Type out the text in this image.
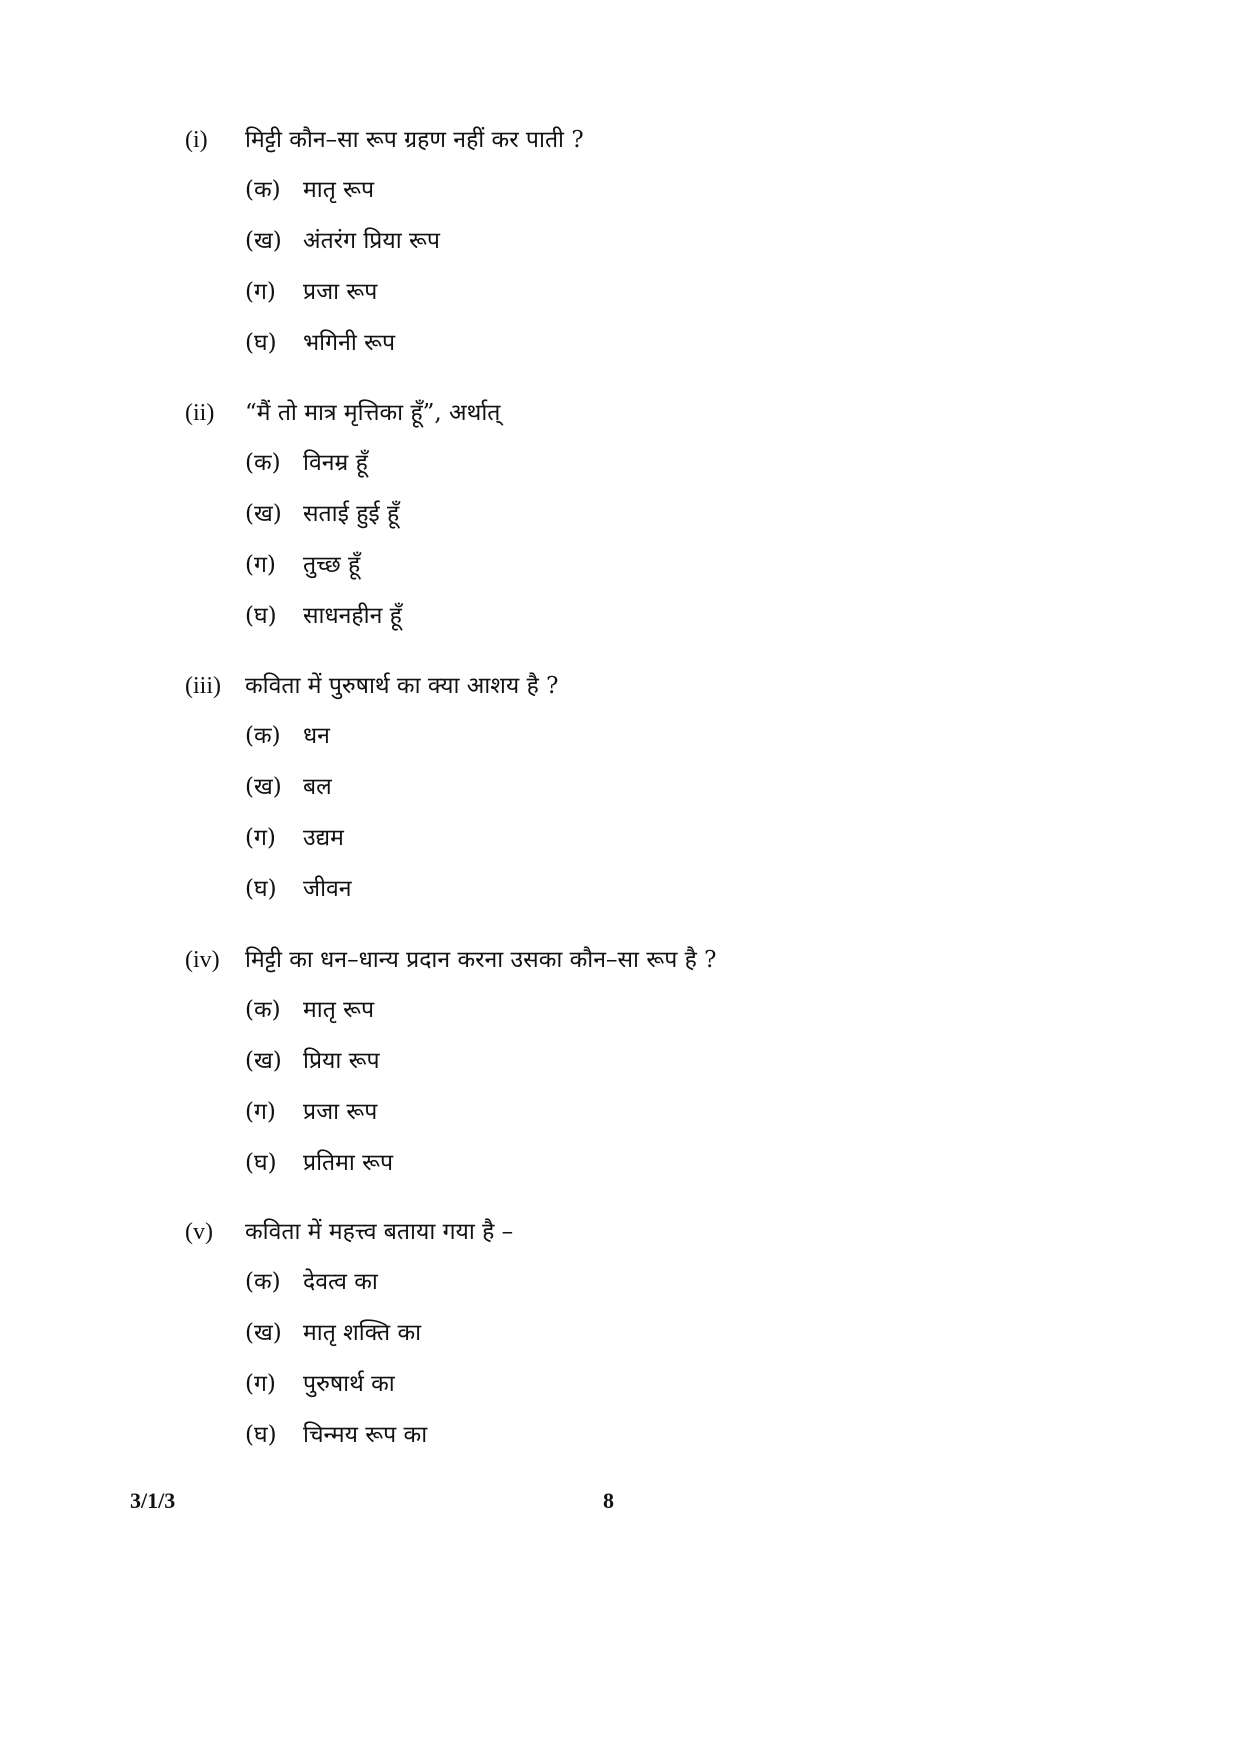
(i)	मिट्टी कौन–सा रूप ग्रहण नहीं कर पाती ?
(क) मातृ रूप
(ख) अंतरंग प्रिया रूप
(ग)	प्रजा रूप
(घ)	भगिनी रूप
(ii)	“मैं तो मात्र मृत्तिका हूँ”, अर्थात्
(क) विनम्र हूँ
(ख) सताई हुई हूँ
(ग)	तुच्छ हूँ
(घ)	साधनहीन हूँ
(iii)	कविता में पुरुषार्थ का क्या आशय है ?
(क) धन
(ख) बल
(ग)	उद्यम
(घ)	जीवन
(iv)	मिट्टी का धन–धान्य प्रदान करना उसका कौन–सा रूप है ?
(क) मातृ रूप
(ख) प्रिया रूप
(ग)	प्रजा रूप
(घ)	प्रतिमा रूप
(v)	कविता में महत्त्व बताया गया है –
(क) देवत्व का
(ख) मातृ शक्ति का
(ग)	पुरुषार्थ का
(घ)	चिन्मय रूप का
3/1/3	8
